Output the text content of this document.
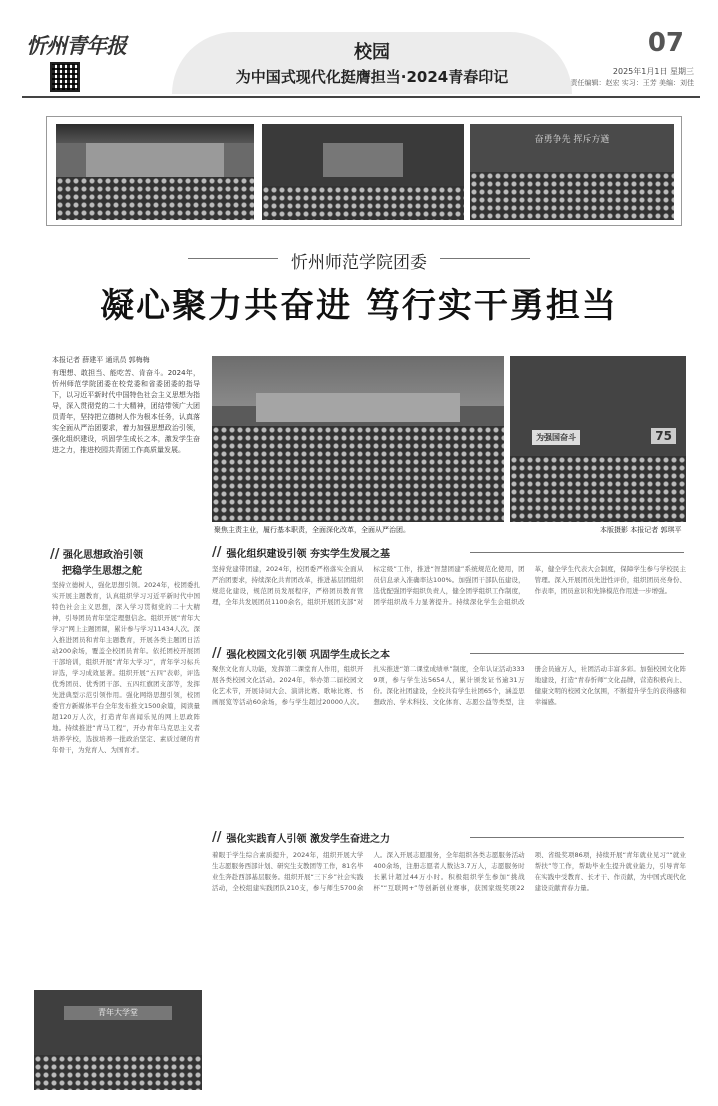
忻州青年报	校园
为中国式现代化挺膺担当·2024青春印记
07
2025年1月1日 星期三
责任编辑：赵宏 实习：王芳 美编：刘佳
奋勇争先 挥斥方遒
忻州师范学院团委
凝心聚力共奋进 笃行实干勇担当
本报记者 薛建平 通讯员 郭梅梅
有理想、敢担当、能吃苦、肯奋斗。2024年，忻州师范学院团委在校党委和省委团委的指导下，以习近平新时代中国特色社会主义思想为指导，深入贯彻党的二十大精神，团结带领广大团员青年，坚持把立德树人作为根本任务，认真落实全面从严治团要求，着力加强思想政治引领，强化组织建设，巩固学生成长之本，激发学生奋进之力，推进校园共青团工作高质量发展。
聚焦主责主业，履行基本职责，全面深化改革，全面从严治团。
为强国奋斗	75
本版摄影 本报记者 郭琪平
// 强化思想政治引领
把稳学生思想之舵
坚持立德树人，强化思想引领。2024年，校团委扎实开展主题教育，认真组织学习习近平新时代中国特色社会主义思想，深入学习贯彻党的二十大精神，引导团员青年坚定理想信念。组织开展“青年大学习”网上主题团课，累计参与学习11434人次。深入推进团员和青年主题教育，开展各类主题团日活动200余场，覆盖全校团员青年。依托团校开展团干部培训，组织开展“青年大学习”，青年学习标兵评选，学习成效显著。组织开展“五四”表彰，评选优秀团员、优秀团干部、五四红旗团支部等，发挥先进典型示范引领作用。强化网络思想引领，校团委官方新媒体平台全年发布推文1500余篇，阅读量超120万人次，打造青年喜闻乐见的网上思政阵地。持续推进“青马工程”，开办青年马克思主义者培养学校，选拔培养一批政治坚定、素质过硬的青年骨干，为党育人、为国育才。
青年大学堂
// 强化组织建设引领 夯实学生发展之基
坚持党建带团建，2024年，校团委严格落实全面从严治团要求，持续深化共青团改革，推进基层团组织规范化建设，规范团员发展程序，严格团员教育管理，全年共发展团员1100余名，组织开展团支部“对标定级”工作，推进“智慧团建”系统规范化使用，团员信息录入准确率达100%。加强团干部队伍建设，选优配强团学组织负责人，健全团学组织工作制度，团学组织战斗力显著提升。持续深化学生会组织改革，健全学生代表大会制度，保障学生参与学校民主管理。深入开展团员先进性评价，组织团员亮身份、作表率，团员意识和先锋模范作用进一步增强。
// 强化校园文化引领 巩固学生成长之本
聚焦文化育人功能，发挥第二课堂育人作用，组织开展各类校园文化活动。2024年，举办第二届校园文化艺术节，开展诗词大会、演讲比赛、歌咏比赛、书画展览等活动60余场，参与学生超过20000人次。扎实推进“第二课堂成绩单”制度，全年认证活动3339项，参与学生达5654人，累计颁发证书逾31万份。深化社团建设，全校共有学生社团65个，涵盖思想政治、学术科技、文化体育、志愿公益等类型，注册会员逾万人，社团活动丰富多彩。加强校园文化阵地建设，打造“青春忻师”文化品牌，营造积极向上、健康文明的校园文化氛围，不断提升学生的获得感和幸福感。
// 强化实践育人引领 激发学生奋进之力
着眼于学生综合素质提升，2024年，组织开展大学生志愿服务西部计划、研究生支教团等工作，81名毕业生奔赴西部基层服务。组织开展“三下乡”社会实践活动，全校组建实践团队210支，参与师生5700余人。深入开展志愿服务，全年组织各类志愿服务活动400余场，注册志愿者人数达3.7万人，志愿服务时长累计超过44万小时。积极组织学生参加“挑战杯”“互联网+”等创新创业赛事，获国家级奖项22项、省级奖项86项，持续开展“青年就业见习”“就业帮扶”等工作，帮助毕业生提升就业能力，引导青年在实践中受教育、长才干、作贡献，为中国式现代化建设贡献青春力量。
